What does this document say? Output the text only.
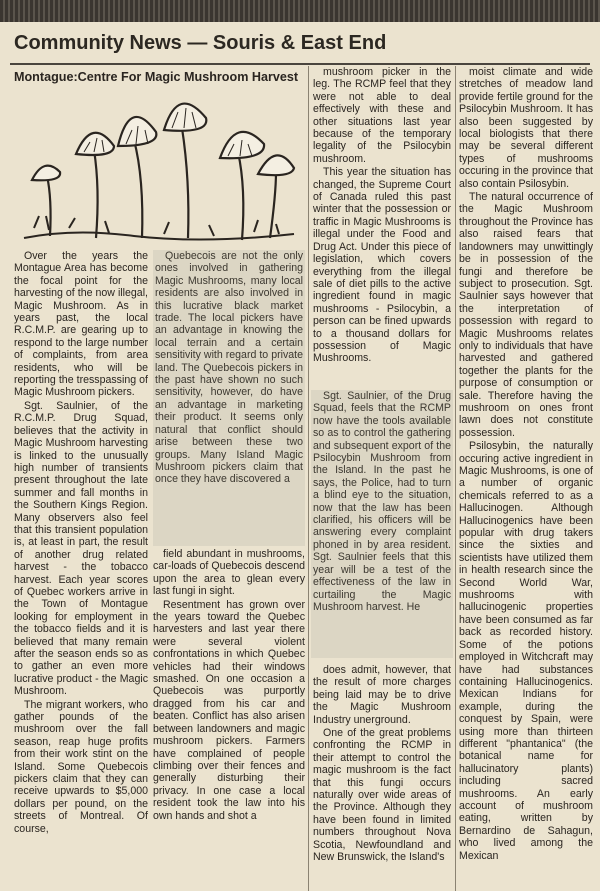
Community News — Souris & East End
Montague:Centre For Magic Mushroom Harvest

Over the years the Montague Area has become the focal point for the harvesting of the now illegal, Magic Mushroom. As in years past, the local R.C.M.P. are gearing up to respond to the large number of complaints, from area residents, who will be reporting the tresspassing of Magic Mushroom pickers.

Sgt. Saulnier, of the R.C.M.P. Drug Squad, believes that the activity in Magic Mushroom harvesting is linked to the unusually high number of transients present throughout the late summer and fall months in the Southern Kings Region. Many observers also feel that this transient population is, at least in part, the result of another drug related harvest - the tobacco harvest. Each year scores of Quebec workers arrive in the Town of Montague looking for employment in the tobacco fields and it is believed that many remain after the season ends so as to gather an even more lucrative product - the Magic Mushroom.

The migrant workers, who gather pounds of the mushroom over the fall season, reap huge profits from their work stint on the Island. Some Quebecois pickers claim that they can receive upwards to $5,000 dollars per pound, on the streets of Montreal. Of course,

Quebecois are not the only ones involved in gathering Magic Mushrooms, many local residents are also involved in this lucrative black market trade. The local pickers have an advantage in knowing the local terrain and a certain sensitivity with regard to private land. The Quebecois pickers in the past have shown no such sensitivity, however, do have an advantage in marketing their product. It seems only natural that conflict should arise between these two groups. Many Island Magic Mushroom pickers claim that once they have discovered a

field abundant in mushrooms, car-loads of Quebecois descend upon the area to glean every last fungi in sight.

Resentment has grown over the years toward the Quebec harvesters and last year there were several violent confrontations in which Quebec vehicles had their windows smashed. On one occasion a Quebecois was purportly dragged from his car and beaten. Conflict has also arisen between landowners and magic mushroom pickers. Farmers have complained of people climbing over their fences and generally disturbing their privacy. In one case a local resident took the law into his own hands and shot a

mushroom picker in the leg. The RCMP feel that they were not able to deal effectively with these and other situations last year because of the temporary legality of the Psilocybin mushroom.

This year the situation has changed, the Supreme Court of Canada ruled this past winter that the possession or traffic in Magic Mushrooms is illegal under the Food and Drug Act. Under this piece of legislation, which covers everything from the illegal sale of diet pills to the active ingredient found in magic mushrooms - Psilocybin, a person can be fined upwards to a thousand dollars for possession of Magic Mushrooms.

Sgt. Saulnier, of the Drug Squad, feels that the RCMP now have the tools available so as to control the gathering and subsequent export of the Psilocybin Mushroom from the Island. In the past he says, the Police, had to turn a blind eye to the situation, now that the law has been clarified, his officers will be answering every complaint phoned in by area resident. Sgt. Saulnier feels that this year will be a test of the effectiveness of the law in curtailing the Magic Mushroom harvest. He

does admit, however, that the result of more charges being laid may be to drive the Magic Mushroom Industry unerground.

One of the great problems confronting the RCMP in their attempt to control the magic mushroom is the fact that this fungi occurs naturally over wide areas of the Province. Although they have been found in limited numbers throughout Nova Scotia, Newfoundland and New Brunswick, the Island's

moist climate and wide stretches of meadow land provide fertile ground for the Psilocybin Mushroom. It has also been suggested by local biologists that there may be several different types of mushrooms occuring in the province that also contain Psilosybin.

The natural occurrence of the Magic Mushroom throughout the Province has also raised fears that landowners may unwittingly be in possession of the fungi and therefore be subject to prosecution. Sgt. Saulnier says however that the interpretation of possession with regard to Magic Mushrooms relates only to individuals that have harvested and gathered together the plants for the purpose of consumption or sale. Therefore having the mushroom on ones front lawn does not constitute possession.

Psilosybin, the naturally occuring active ingredient in Magic Mushrooms, is one of a number of organic chemicals referred to as a Hallucinogen. Although Hallucinogenics have been popular with drug takers since the sixties and scientists have utilized them in health research since the Second World War, mushrooms with hallucinogenic properties have been consumed as far back as recorded history. Some of the potions employed in Witchcraft may have had substances containing Hallucinogenics. Mexican Indians for example, during the conquest by Spain, were using more than thirteen different "phantanica" (the botanical name for hallucinatory plants) including sacred mushrooms. An early account of mushroom eating, written by Bernardino de Sahagun, who lived among the Mexican
